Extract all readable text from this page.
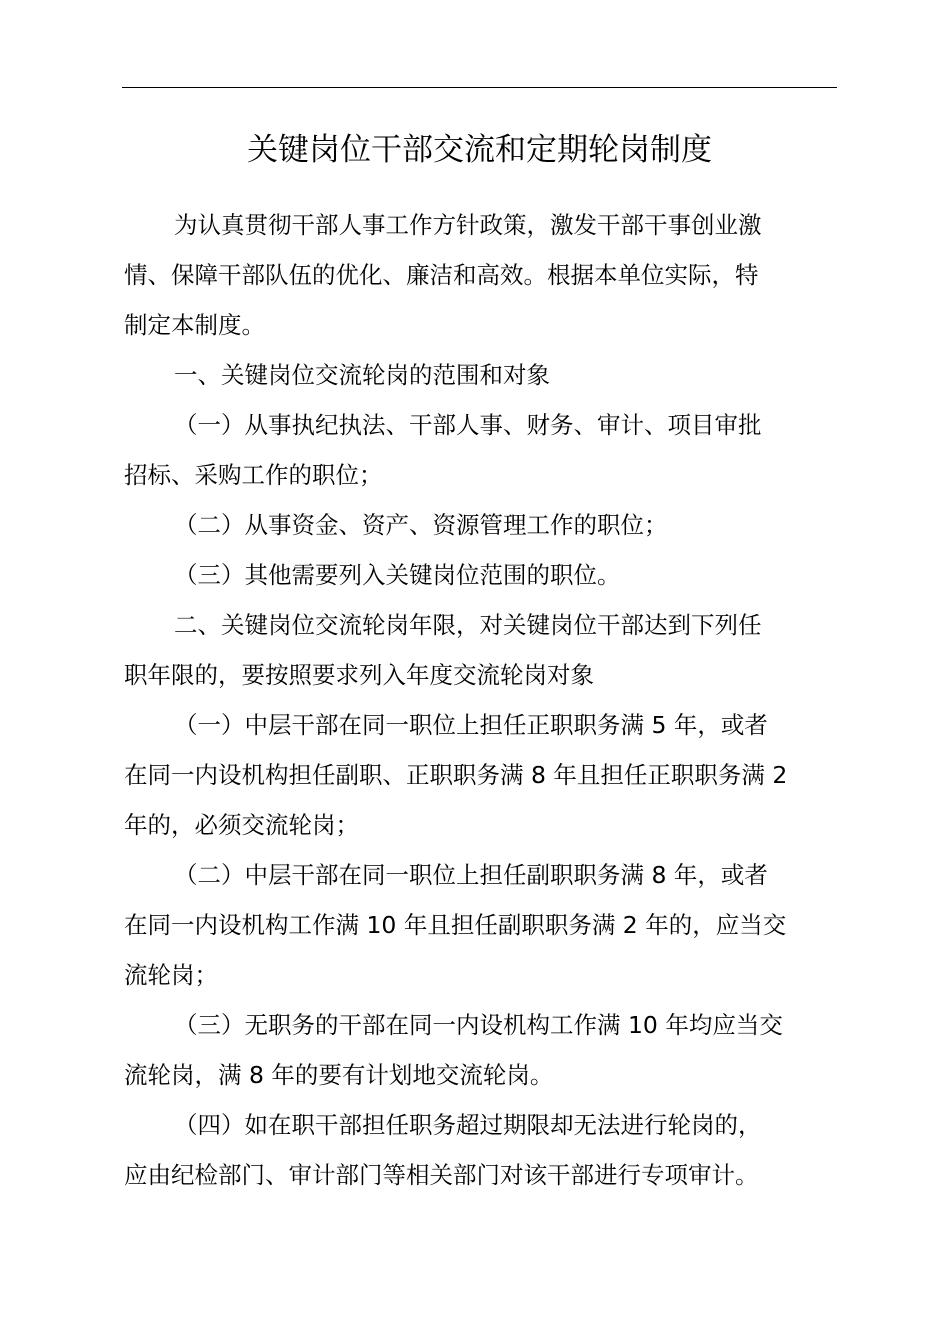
关键岗位干部交流和定期轮岗制度
为认真贯彻干部人事工作方针政策，激发干部干事创业激
情、保障干部队伍的优化、廉洁和高效。根据本单位实际，特
制定本制度。
一、关键岗位交流轮岗的范围和对象
（一）从事执纪执法、干部人事、财务、审计、项目审批
招标、采购工作的职位；
（二）从事资金、资产、资源管理工作的职位；
（三）其他需要列入关键岗位范围的职位。
二、关键岗位交流轮岗年限，对关键岗位干部达到下列任
职年限的，要按照要求列入年度交流轮岗对象
（一）中层干部在同一职位上担任正职职务满 5 年，或者
在同一内设机构担任副职、正职职务满 8 年且担任正职职务满 2
年的，必须交流轮岗；
（二）中层干部在同一职位上担任副职职务满 8 年，或者
在同一内设机构工作满 10 年且担任副职职务满 2 年的，应当交
流轮岗；
（三）无职务的干部在同一内设机构工作满 10 年均应当交
流轮岗，满 8 年的要有计划地交流轮岗。
（四）如在职干部担任职务超过期限却无法进行轮岗的，
应由纪检部门、审计部门等相关部门对该干部进行专项审计。
